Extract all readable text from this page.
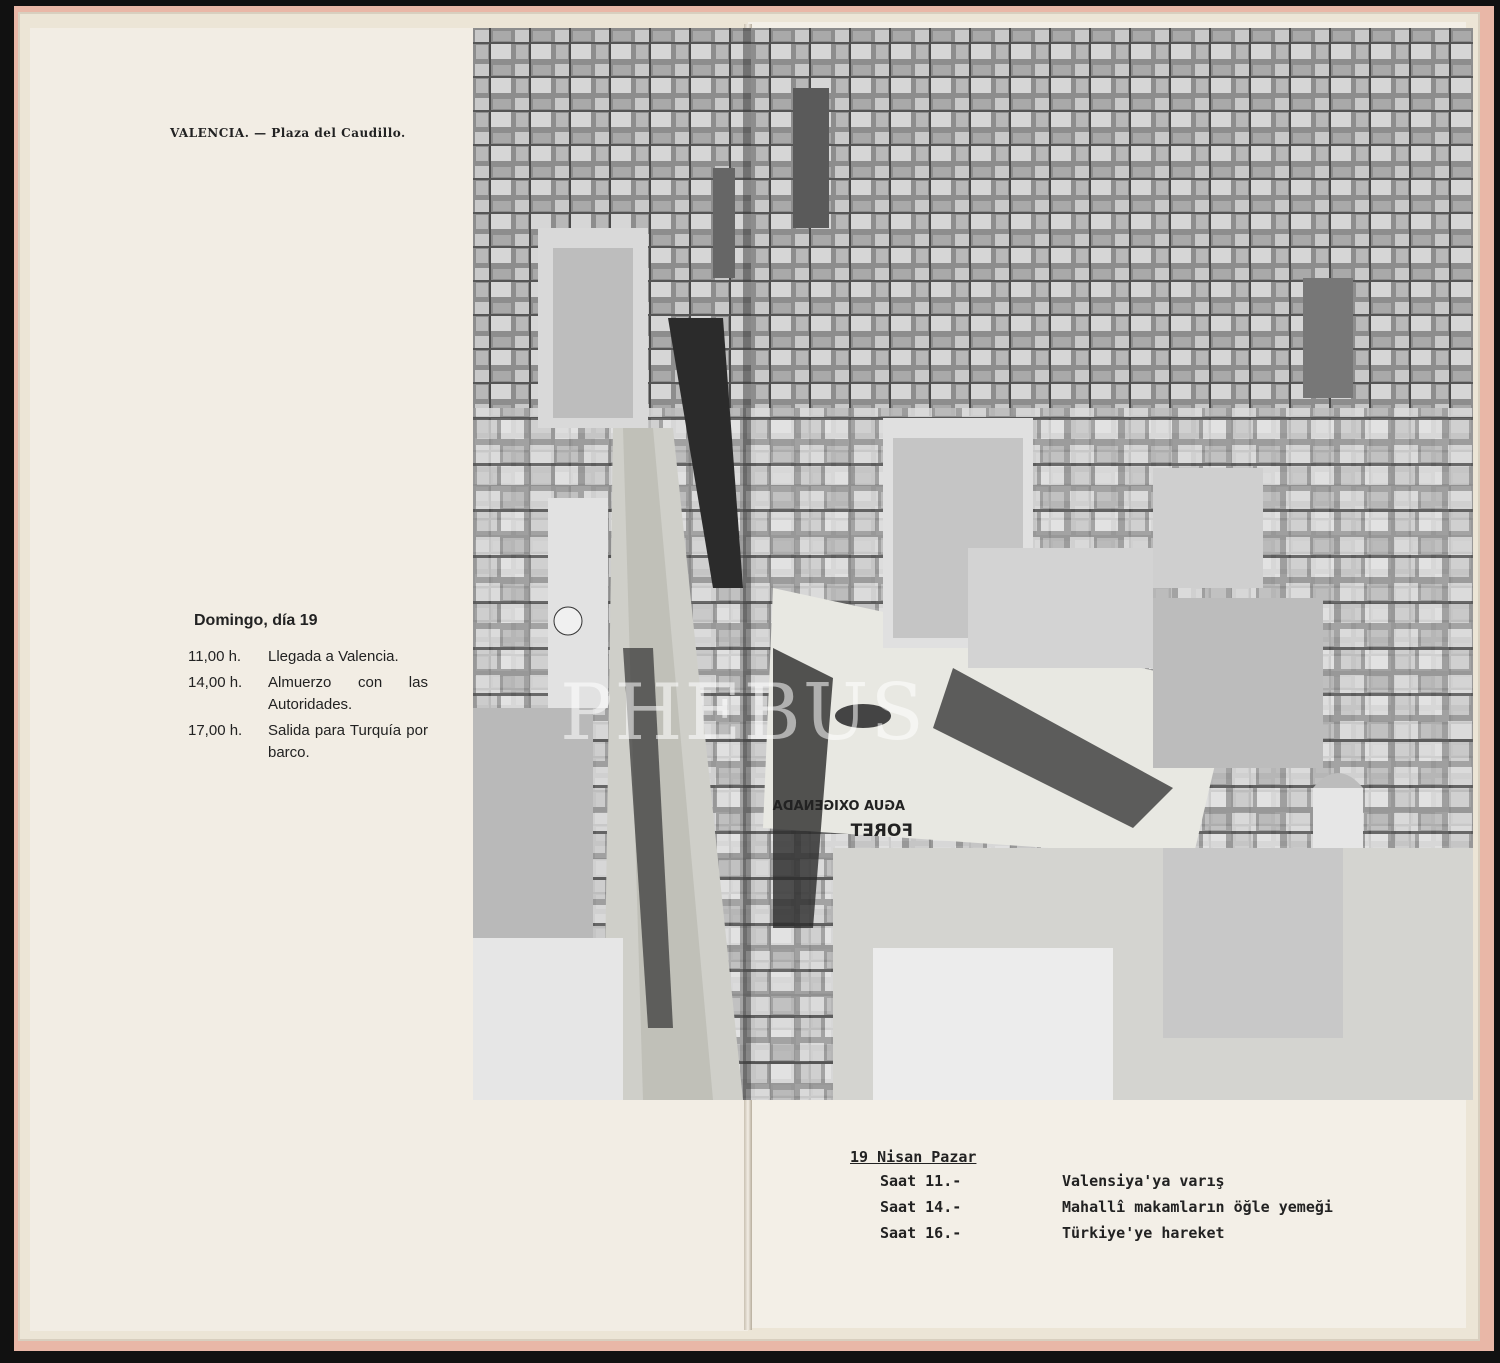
AGUA OXIGENADA
FORET
PHEBUS
VALENCIA. — Plaza del Caudillo.
Domingo, día 19
11,00 h.	Llegada a Valencia.
14,00 h.	Almuerzo con las Autoridades.
17,00 h.	Salida para Turquía por barco.
19 Nisan Pazar
Saat 11.-	Valensiya'ya varış
Saat 14.-	Mahallî makamların öğle yemeği
Saat 16.-	Türkiye'ye hareket
